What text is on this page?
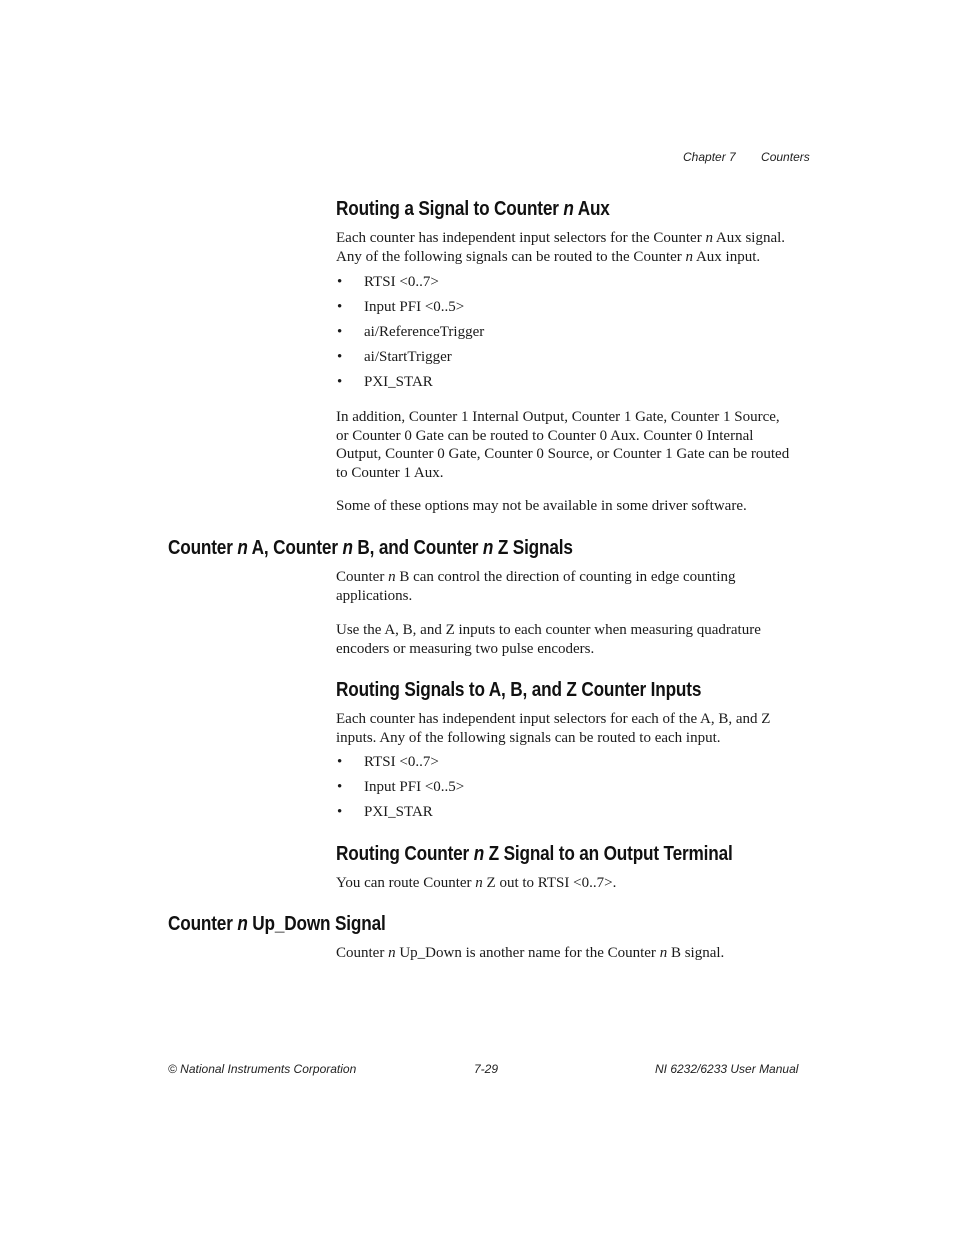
Chapter 7 Counters
Routing a Signal to Counter n Aux
Each counter has independent input selectors for the Counter n Aux signal.
Any of the following signals can be routed to the Counter n Aux input.
• RTSI <0..7>
• Input PFI <0..5>
• ai/ReferenceTrigger
• ai/StartTrigger
• PXI_STAR
In addition, Counter 1 Internal Output, Counter 1 Gate, Counter 1 Source,
or Counter 0 Gate can be routed to Counter 0 Aux. Counter 0 Internal
Output, Counter 0 Gate, Counter 0 Source, or Counter 1 Gate can be routed
to Counter 1 Aux.
Some of these options may not be available in some driver software.
Counter n A, Counter n B, and Counter n Z Signals
Counter n B can control the direction of counting in edge counting
applications.
Use the A, B, and Z inputs to each counter when measuring quadrature
encoders or measuring two pulse encoders.
Routing Signals to A, B, and Z Counter Inputs
Each counter has independent input selectors for each of the A, B, and Z
inputs. Any of the following signals can be routed to each input.
• RTSI <0..7>
• Input PFI <0..5>
• PXI_STAR
Routing Counter n Z Signal to an Output Terminal
You can route Counter n Z out to RTSI <0..7>.
Counter n Up_Down Signal
Counter n Up_Down is another name for the Counter n B signal.
© National Instruments Corporation	7-29	NI 6232/6233 User Manual
